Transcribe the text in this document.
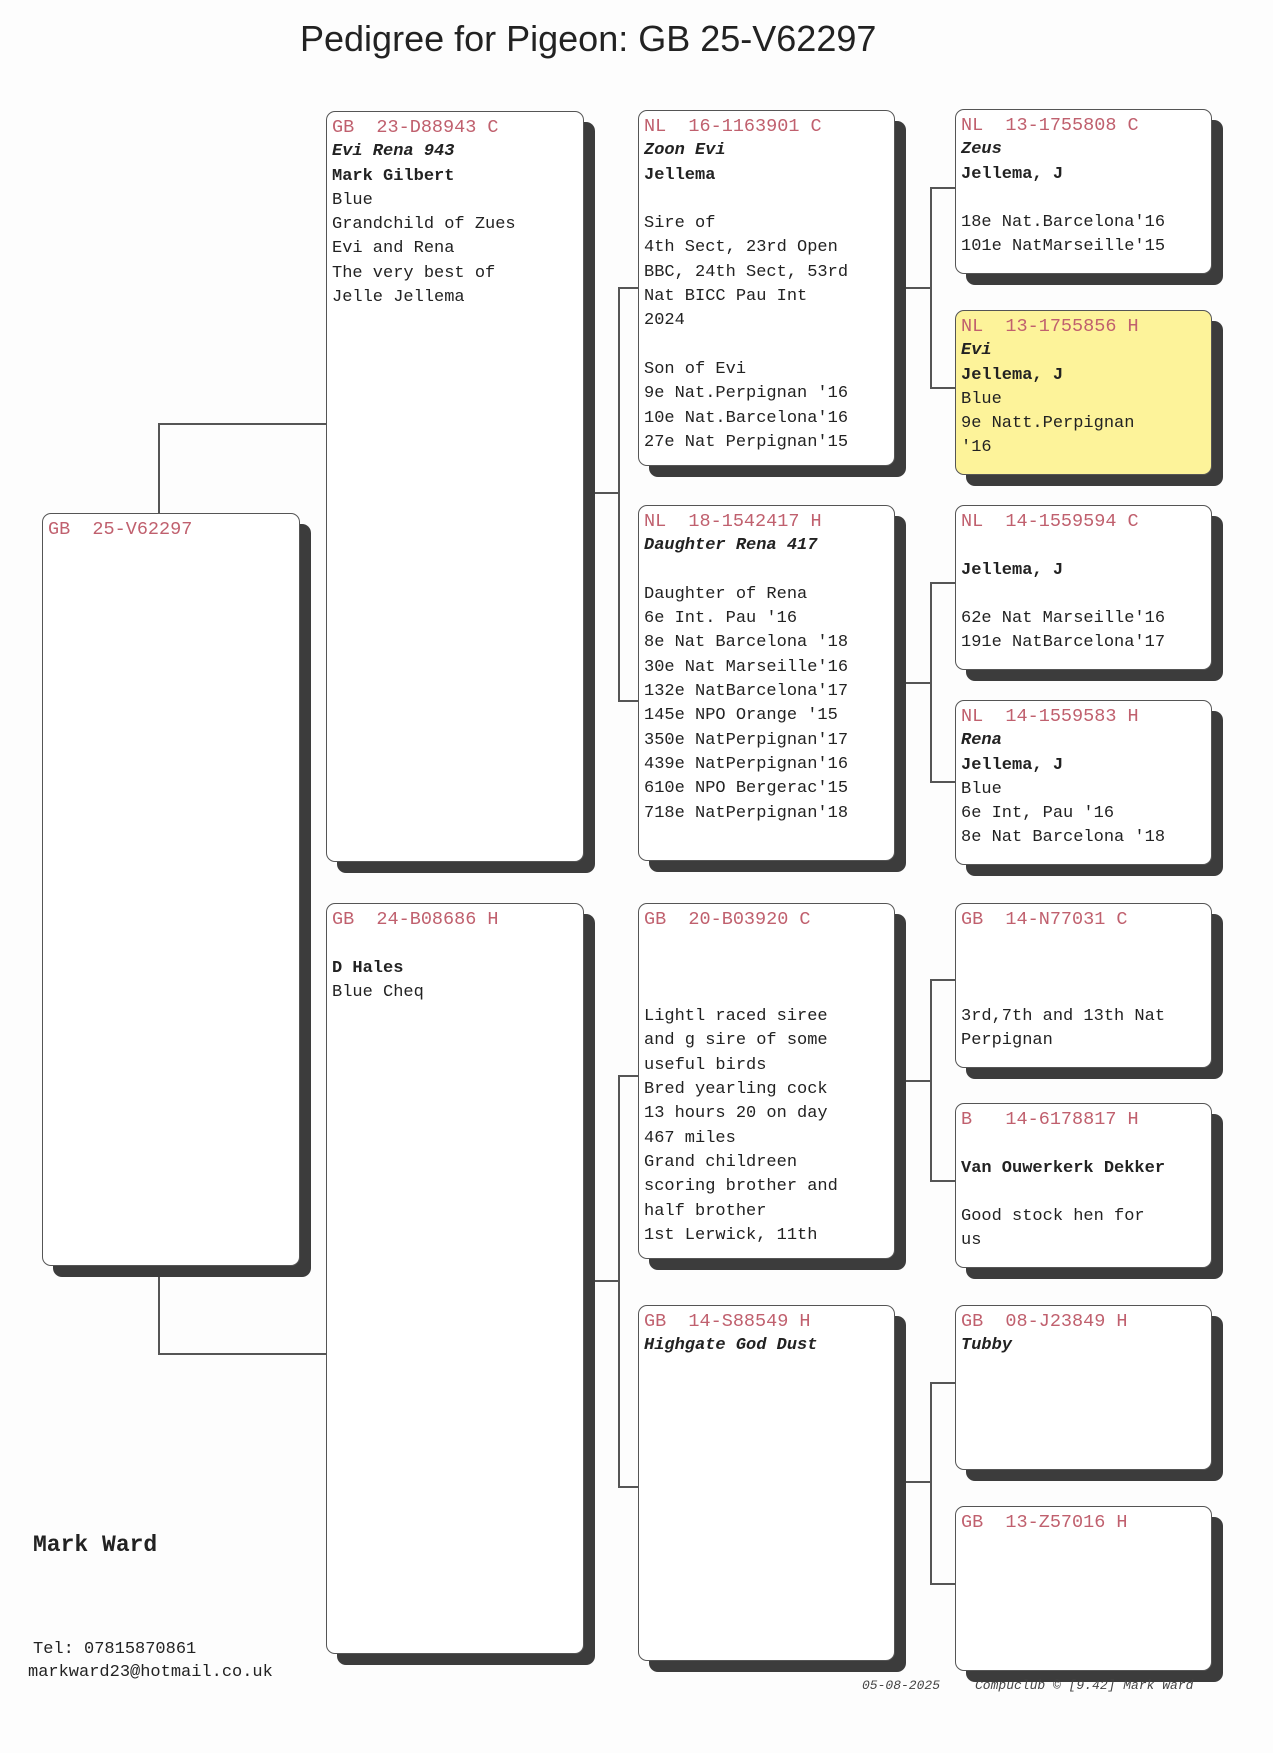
Pedigree for Pigeon: GB 25-V62297
GB  25-V62297
GB  23-D88943 C
Evi Rena 943
Mark Gilbert
Blue
Grandchild of Zues
Evi and Rena
The very best of
Jelle Jellema
GB  24-B08686 H
D Hales
Blue Cheq
NL  16-1163901 C
Zoon Evi
Jellema
Sire of
4th Sect, 23rd Open
BBC, 24th Sect, 53rd
Nat BICC Pau Int
2024
Son of Evi
9e Nat.Perpignan '16
10e Nat.Barcelona'16
27e Nat Perpignan'15
NL  18-1542417 H
Daughter Rena 417
Daughter of Rena
6e Int. Pau '16
8e Nat Barcelona '18
30e Nat Marseille'16
132e NatBarcelona'17
145e NPO Orange '15
350e NatPerpignan'17
439e NatPerpignan'16
610e NPO Bergerac'15
718e NatPerpignan'18
GB  20-B03920 C
Lightl raced siree
and g sire of some
useful birds
Bred yearling cock
13 hours 20 on day
467 miles
Grand childreen
scoring brother and
half brother
1st Lerwick, 11th
GB  14-S88549 H
Highgate God Dust
NL  13-1755808 C
Zeus
Jellema, J
18e Nat.Barcelona'16
101e NatMarseille'15
NL  13-1755856 H
Evi
Jellema, J
Blue
9e Natt.Perpignan
'16
NL  14-1559594 C
Jellema, J
62e Nat Marseille'16
191e NatBarcelona'17
NL  14-1559583 H
Rena
Jellema, J
Blue
6e Int, Pau '16
8e Nat Barcelona '18
GB  14-N77031 C
3rd,7th and 13th Nat
Perpignan
B   14-6178817 H
Van Ouwerkerk Dekker
Good stock hen for
us
GB  08-J23849 H
Tubby
GB  13-Z57016 H
Mark Ward
Tel: 07815870861
markward23@hotmail.co.uk
05-08-2025	Compuclub © [9.42] Mark Ward
